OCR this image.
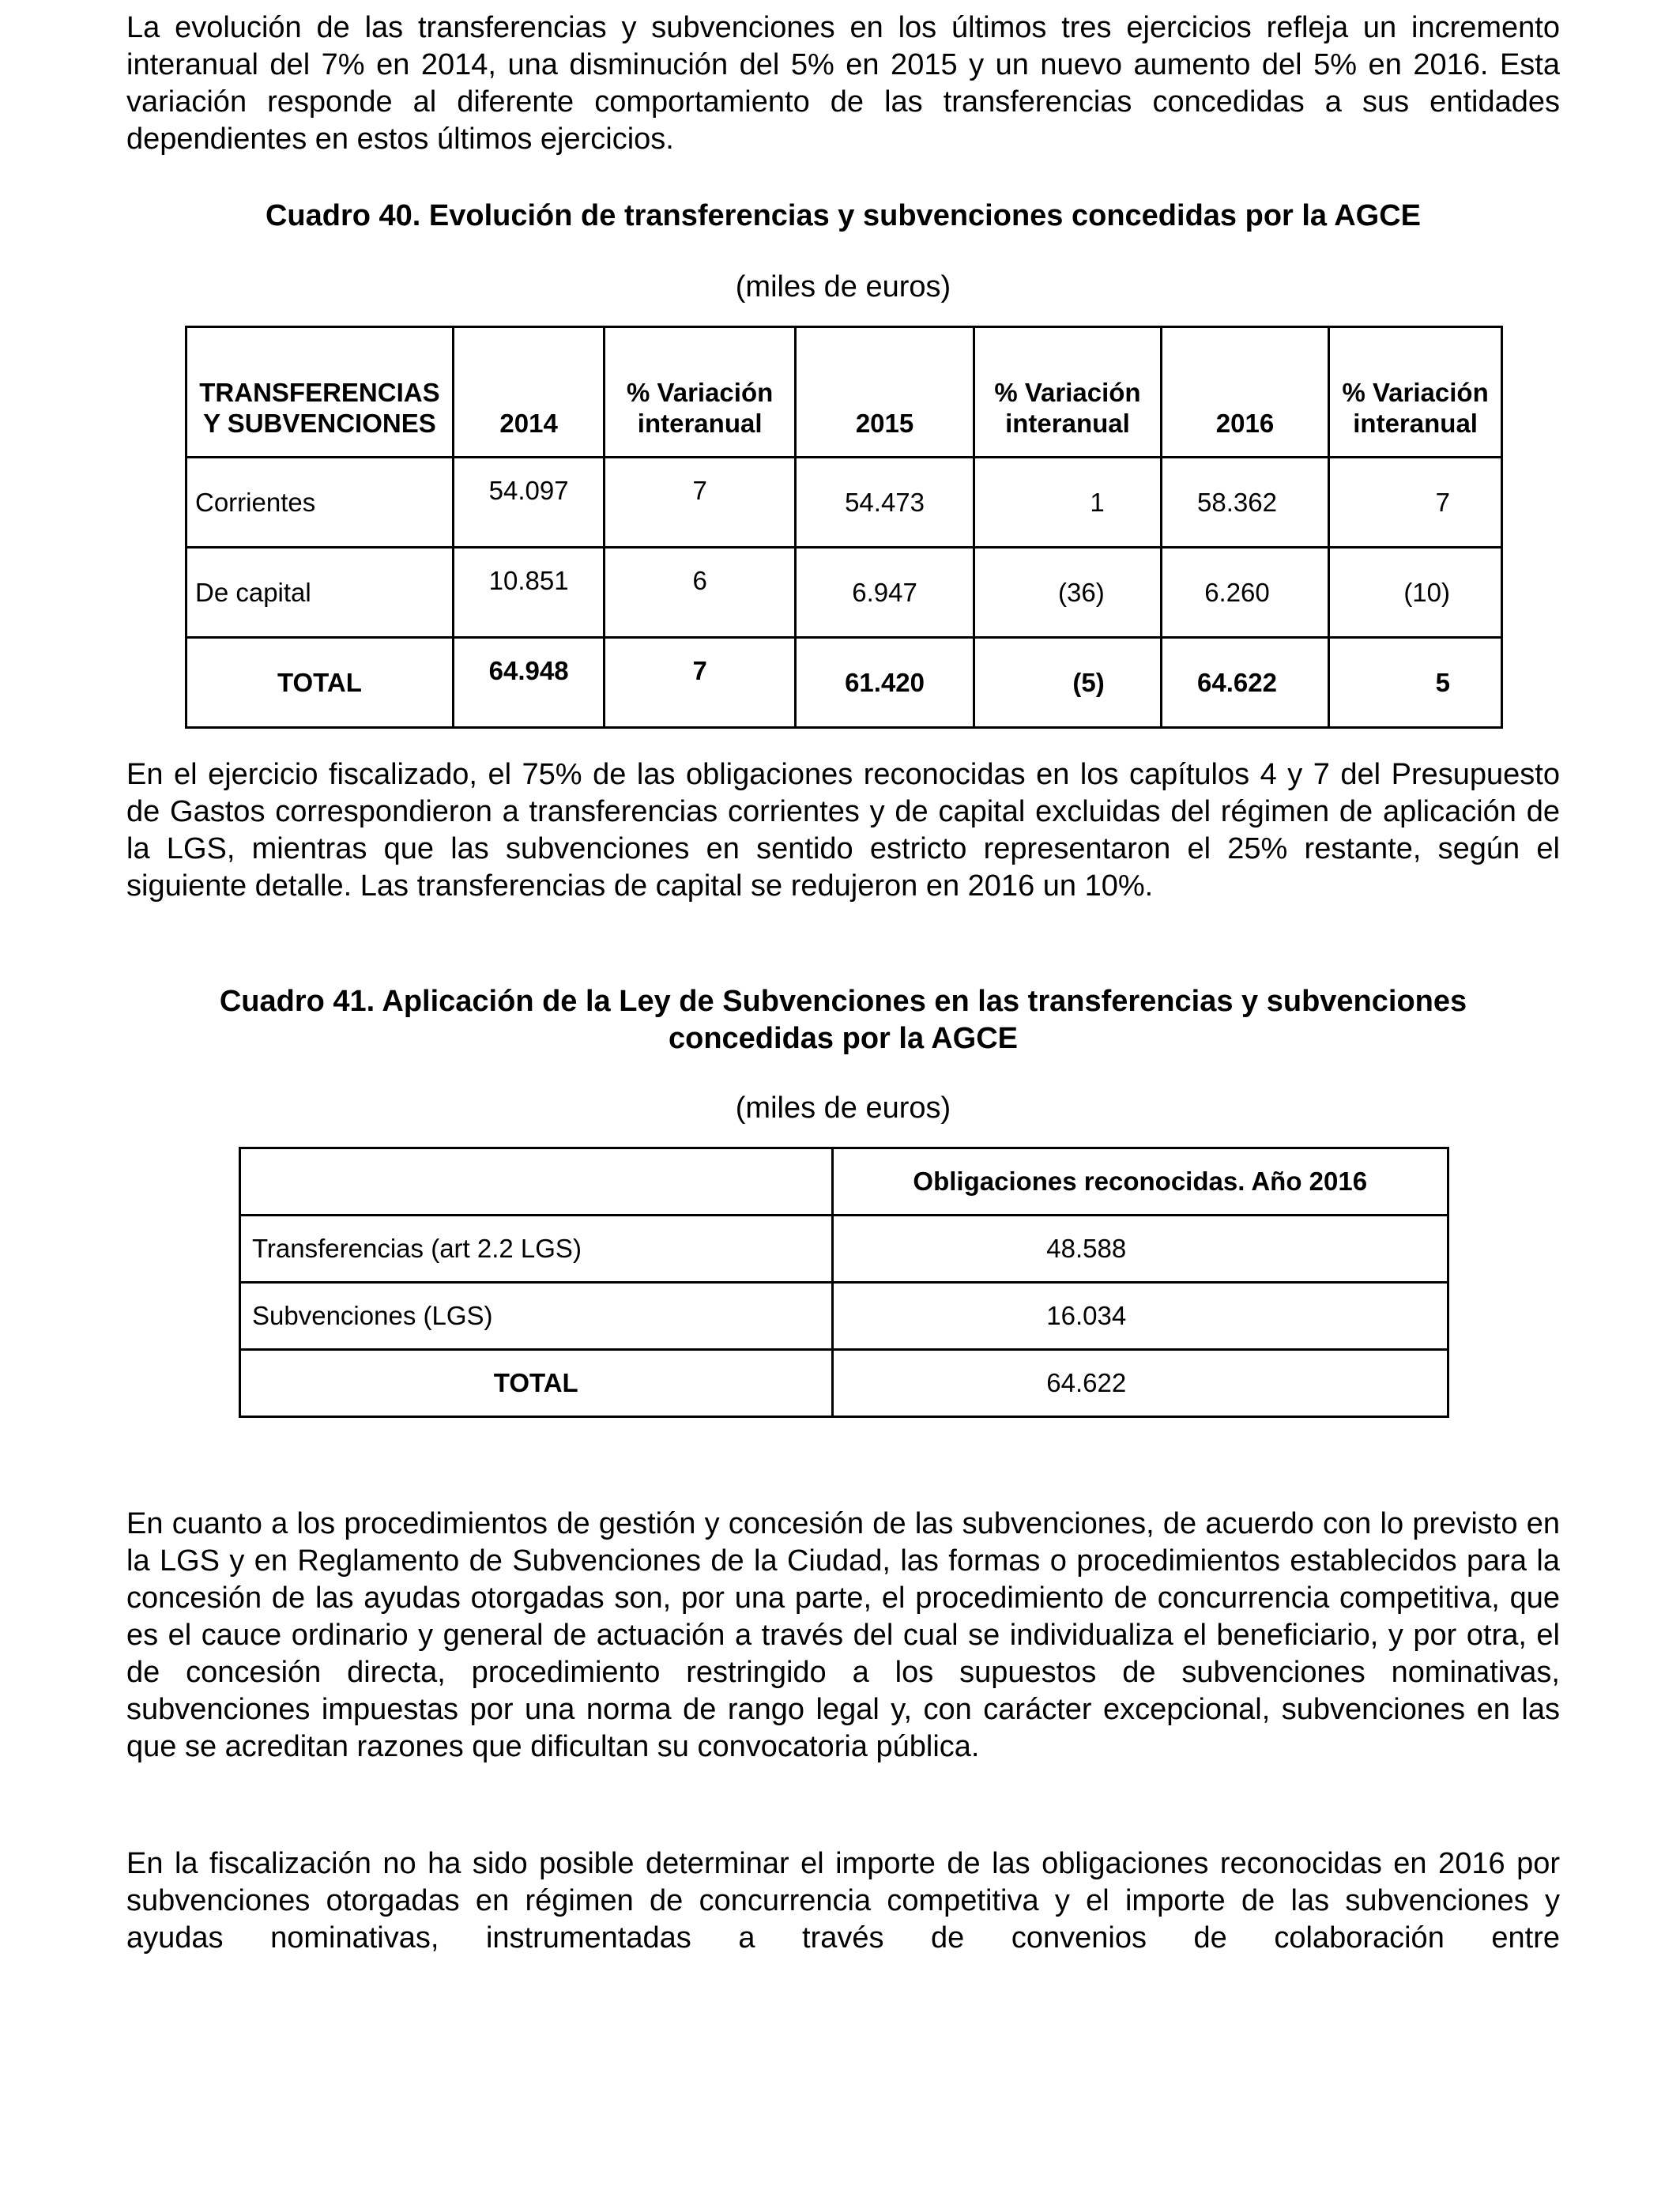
La evolución de las transferencias y subvenciones en los últimos tres ejercicios refleja un incremento interanual del 7% en 2014, una disminución del 5% en 2015 y un nuevo aumento del 5% en 2016. Esta variación responde al diferente comportamiento de las transferencias concedidas a sus entidades dependientes en estos últimos ejercicios.

Cuadro 40. Evolución de transferencias y subvenciones concedidas por la AGCE

(miles de euros)

TRANSFERENCIAS Y SUBVENCIONES	2014	% Variación interanual	2015	% Variación interanual	2016	% Variación interanual
Corrientes	54.097	7	54.473	1	58.362	7
De capital	10.851	6	6.947	(36)	6.260	(10)
TOTAL	64.948	7	61.420	(5)	64.622	5

En el ejercicio fiscalizado, el 75% de las obligaciones reconocidas en los capítulos 4 y 7 del Presupuesto de Gastos correspondieron a transferencias corrientes y de capital excluidas del régimen de aplicación de la LGS, mientras que las subvenciones en sentido estricto representaron el 25% restante, según el siguiente detalle. Las transferencias de capital se redujeron en 2016 un 10%.

Cuadro 41. Aplicación de la Ley de Subvenciones en las transferencias y subvenciones concedidas por la AGCE

(miles de euros)

	Obligaciones reconocidas. Año 2016
Transferencias (art 2.2 LGS)	48.588
Subvenciones (LGS)	16.034
TOTAL	64.622

En cuanto a los procedimientos de gestión y concesión de las subvenciones, de acuerdo con lo previsto en la LGS y en Reglamento de Subvenciones de la Ciudad, las formas o procedimientos establecidos para la concesión de las ayudas otorgadas son, por una parte, el procedimiento de concurrencia competitiva, que es el cauce ordinario y general de actuación a través del cual se individualiza el beneficiario, y por otra, el de concesión directa, procedimiento restringido a los supuestos de subvenciones nominativas, subvenciones impuestas por una norma de rango legal y, con carácter excepcional, subvenciones en las que se acreditan razones que dificultan su convocatoria pública.

En la fiscalización no ha sido posible determinar el importe de las obligaciones reconocidas en 2016 por subvenciones otorgadas en régimen de concurrencia competitiva y el importe de las subvenciones y ayudas nominativas, instrumentadas a través de convenios de colaboración entre
